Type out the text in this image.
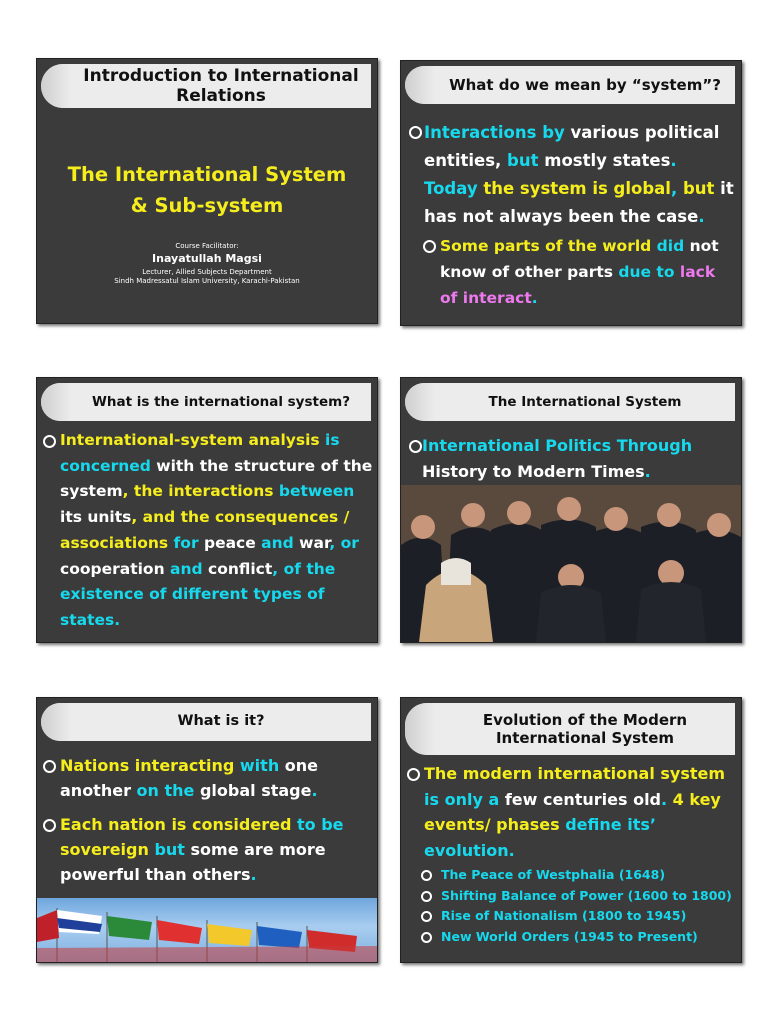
Introduction to International Relations
The International System
& Sub-system
Course Facilitator:
Inayatullah Magsi
Lecturer, Allied Subjects Department
Sindh Madressatul Islam University, Karachi-Pakistan
What do we mean by “system”?
Interactions by various political entities, but mostly states. Today the system is global, but it has not always been the case.
Some parts of the world did not know of other parts due to lack of interact.
What is the international system?
International-system analysis is concerned with the structure of the system, the interactions between its units, and the consequences / associations for peace and war, or cooperation and conflict, of the existence of different types of states.
The International System
International Politics Through History to Modern Times.
What is it?
Nations interacting with one another on the global stage.
Each nation is considered to be sovereign but some are more powerful than others.
Evolution of the Modern International System
The modern international system is only a few centuries old. 4 key events/ phases define its’ evolution.
The Peace of Westphalia (1648)
Shifting Balance of Power (1600 to 1800)
Rise of Nationalism (1800 to 1945)
New World Orders (1945 to Present)
